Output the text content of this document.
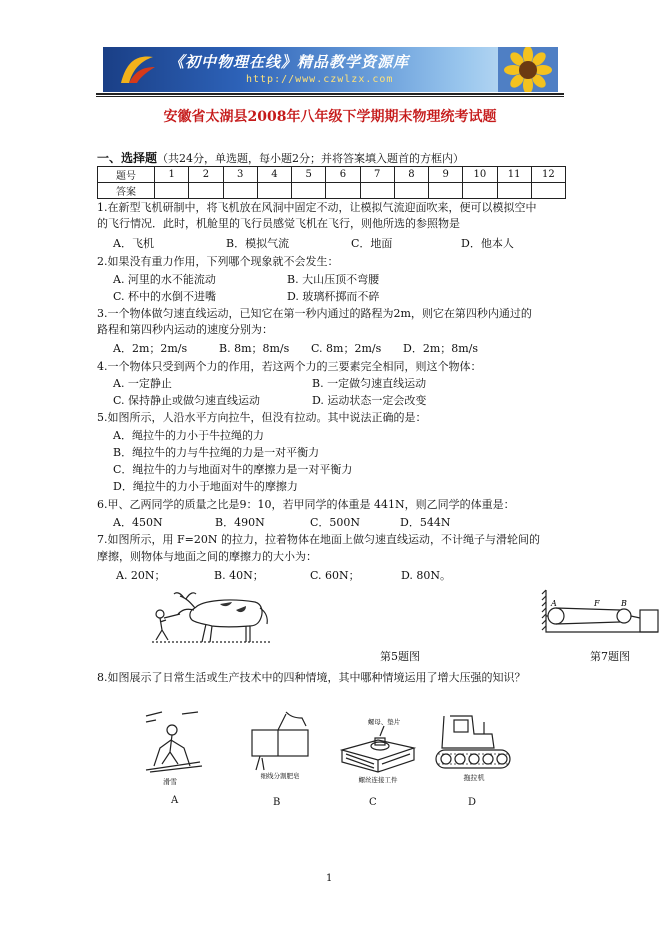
《初中物理在线》精品教学资源库
http://www.czwlzx.com
安徽省太湖县2008年八年级下学期期末物理统考试题
一、选择题（共24分，单选题，每小题2分；并将答案填入题首的方框内）
题号	1	2	3	4	5	6	7	8	9	10	11	12
答案												
1.在新型飞机研制中，将飞机放在风洞中固定不动，让模拟气流迎面吹来，便可以模拟空中
的飞行情况．此时，机舱里的飞行员感觉飞机在飞行，则他所选的参照物是
A．飞机	B．模拟气流	C．地面	D．他本人
2.如果没有重力作用，下列哪个现象就不会发生：
A. 河里的水不能流动	B. 大山压顶不弯腰
C. 杯中的水倒不进嘴	D. 玻璃杯掷而不碎
3.一个物体做匀速直线运动，已知它在第一秒内通过的路程为2m，则它在第四秒内通过的
路程和第四秒内运动的速度分别为：
A．2m；2m/s	B. 8m；8m/s C. 8m；2m/s D．2m；8m/s
4.一个物体只受到两个力的作用，若这两个力的三要素完全相同，则这个物体：
A. 一定静止	B. 一定做匀速直线运动
C. 保持静止或做匀速直线运动	D. 运动状态一定会改变
5.如图所示，人沿水平方向拉牛，但没有拉动。其中说法正确的是：
A．绳拉牛的力小于牛拉绳的力
B．绳拉牛的力与牛拉绳的力是一对平衡力
C．绳拉牛的力与地面对牛的摩擦力是一对平衡力
D．绳拉牛的力小于地面对牛的摩擦力
6.甲、乙两同学的质量之比是9：10，若甲同学的体重是 441N，则乙同学的体重是：
A．450N	B．490N	C．500N	D．544N
7.如图所示，用 F=20N 的拉力，拉着物体在地面上做匀速直线运动，不计绳子与滑轮间的
摩擦，则物体与地面之间的摩擦力的大小为：
A. 20N；	B. 40N；	C. 60N；	D. 80N。
第5题图
A	F	B
第7题图
8.如图展示了日常生活或生产技术中的四种情境，其中哪种情境运用了增大压强的知识？
滑雪
A
细线分割肥皂
B
螺母、垫片
螺丝连接工件
C
拖拉机
D
1
